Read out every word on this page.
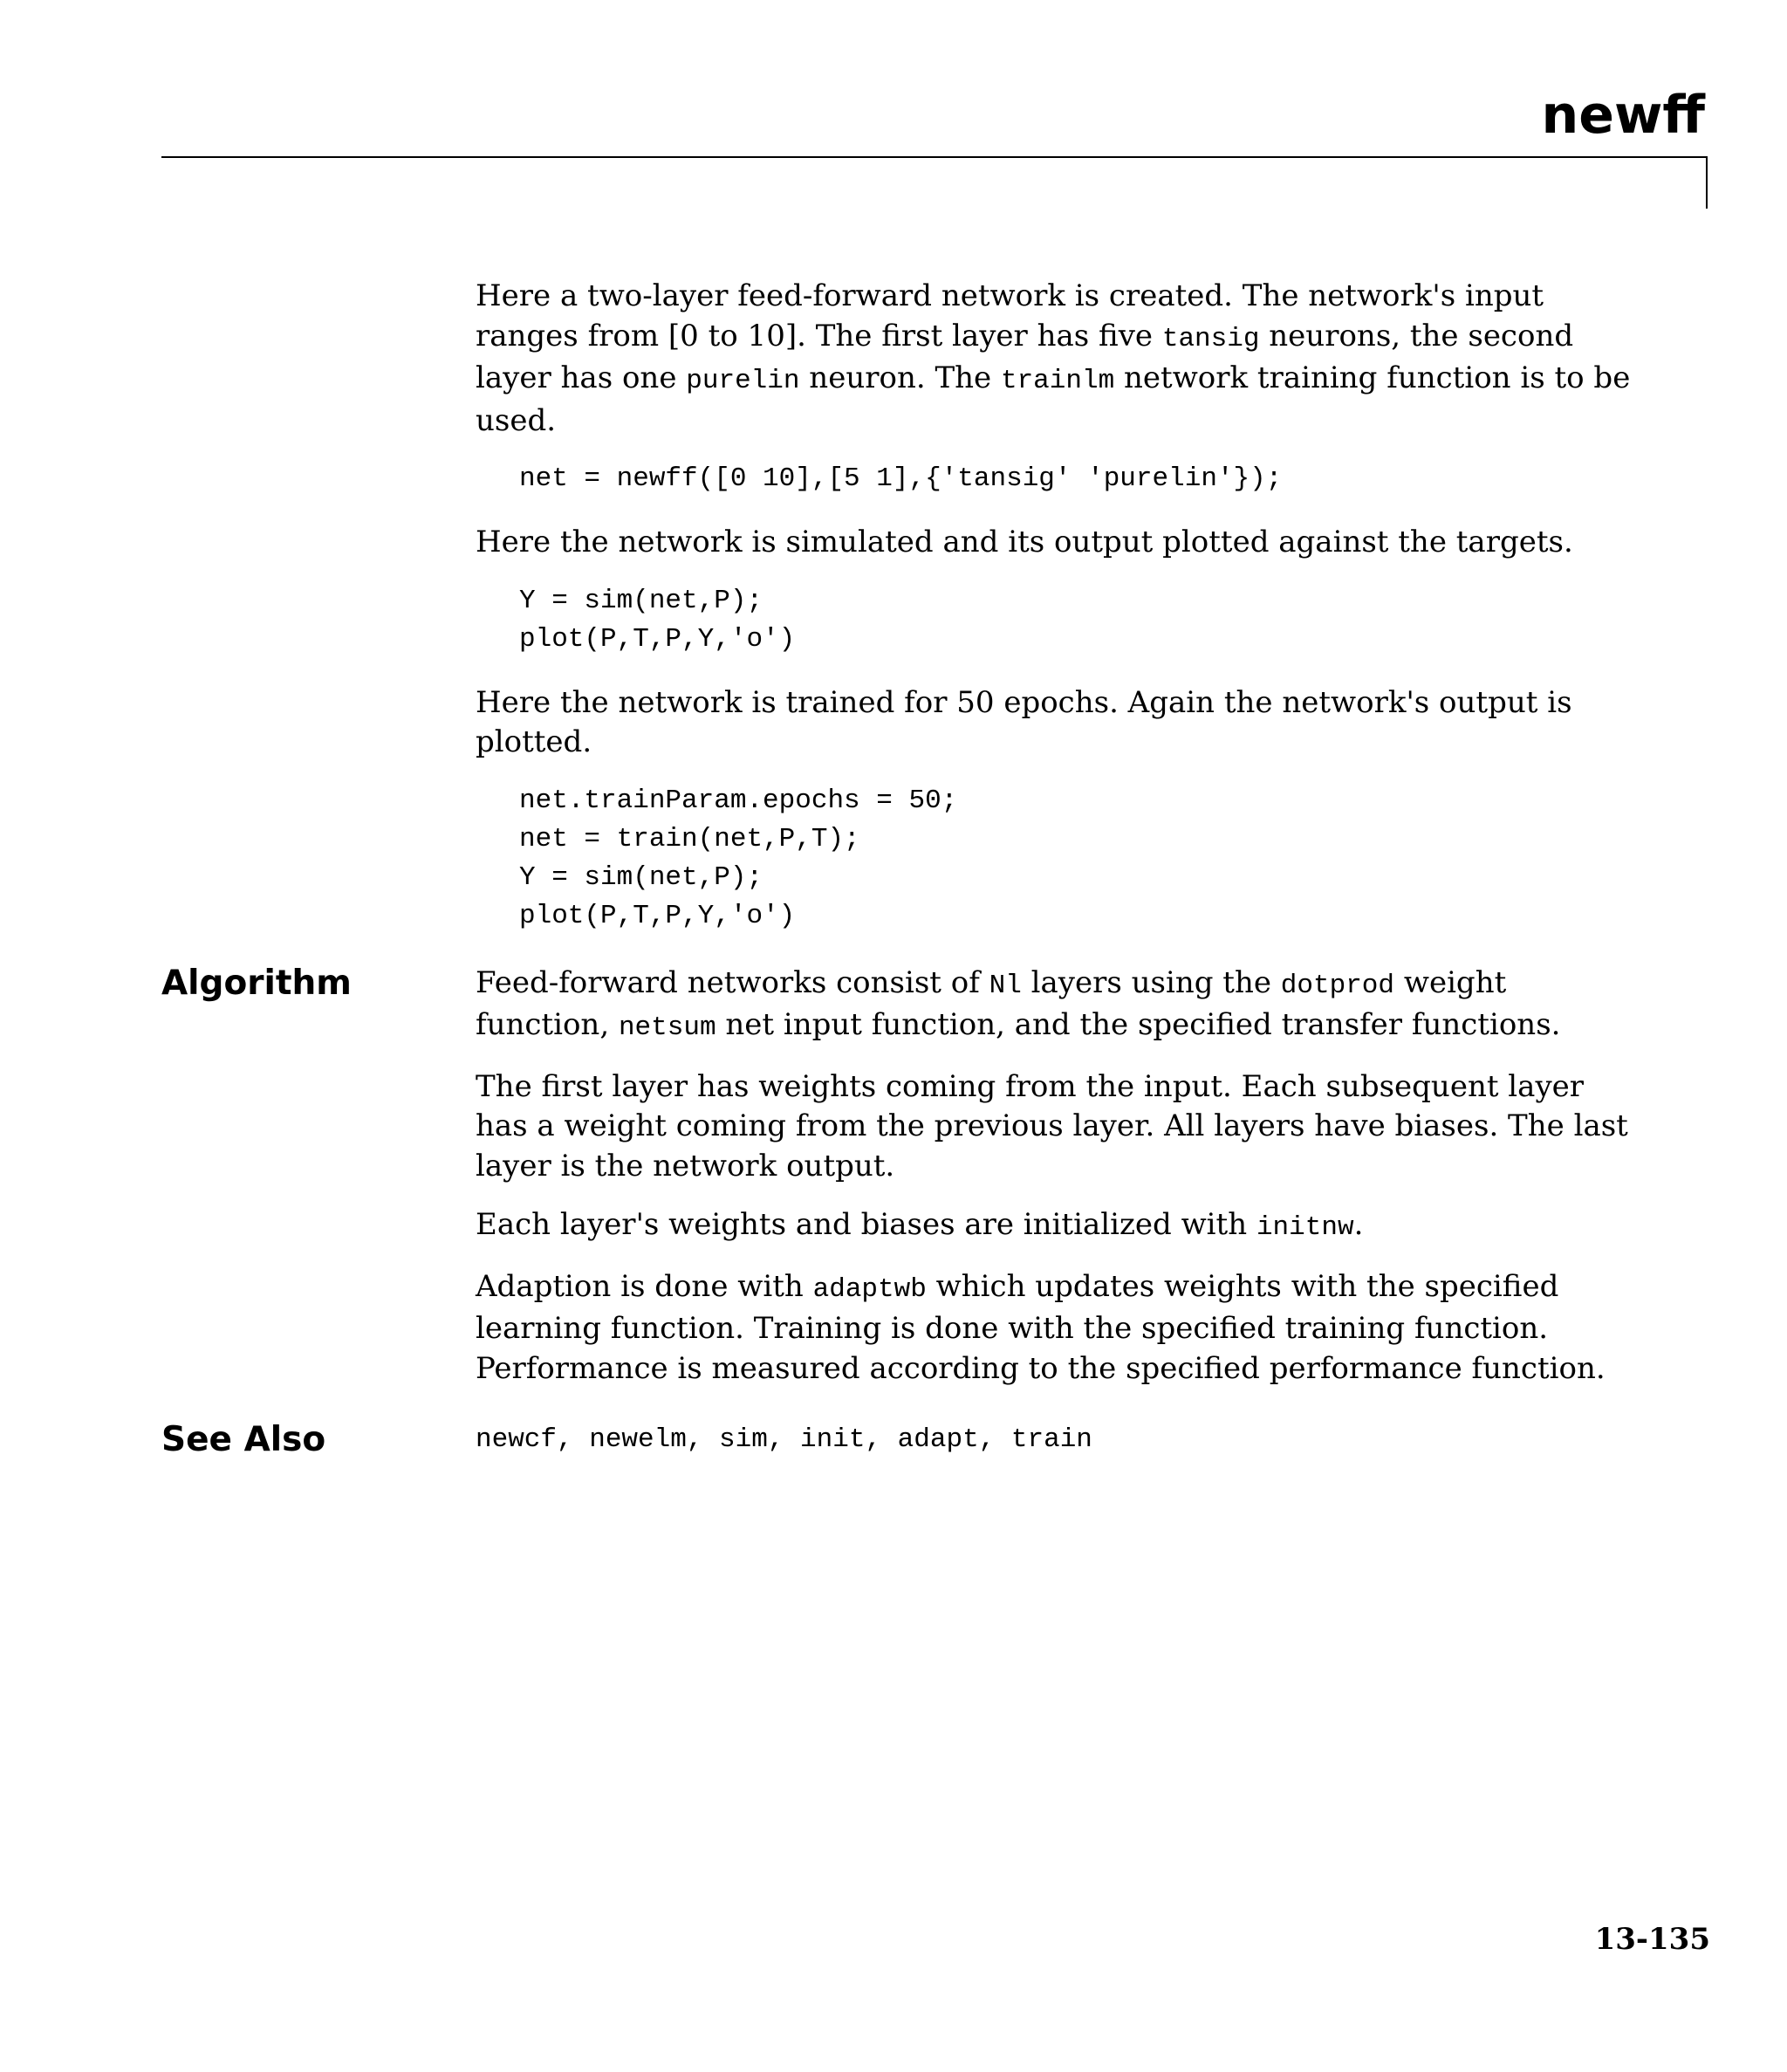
newff

Here a two-layer feed-forward network is created. The network's input ranges from [0 to 10]. The first layer has five tansig neurons, the second layer has one purelin neuron. The trainlm network training function is to be used.

net = newff([0 10],[5 1],{'tansig' 'purelin'});

Here the network is simulated and its output plotted against the targets.

Y = sim(net,P);
plot(P,T,P,Y,'o')

Here the network is trained for 50 epochs. Again the network's output is plotted.

net.trainParam.epochs = 50;
net = train(net,P,T);
Y = sim(net,P);
plot(P,T,P,Y,'o')
Algorithm	Feed-forward networks consist of Nl layers using the dotprod weight function, netsum net input function, and the specified transfer functions.

The first layer has weights coming from the input. Each subsequent layer has a weight coming from the previous layer. All layers have biases. The last layer is the network output.

Each layer's weights and biases are initialized with initnw.

Adaption is done with adaptwb which updates weights with the specified learning function. Training is done with the specified training function. Performance is measured according to the specified performance function.

See Also	newcf, newelm, sim, init, adapt, train

13-135
